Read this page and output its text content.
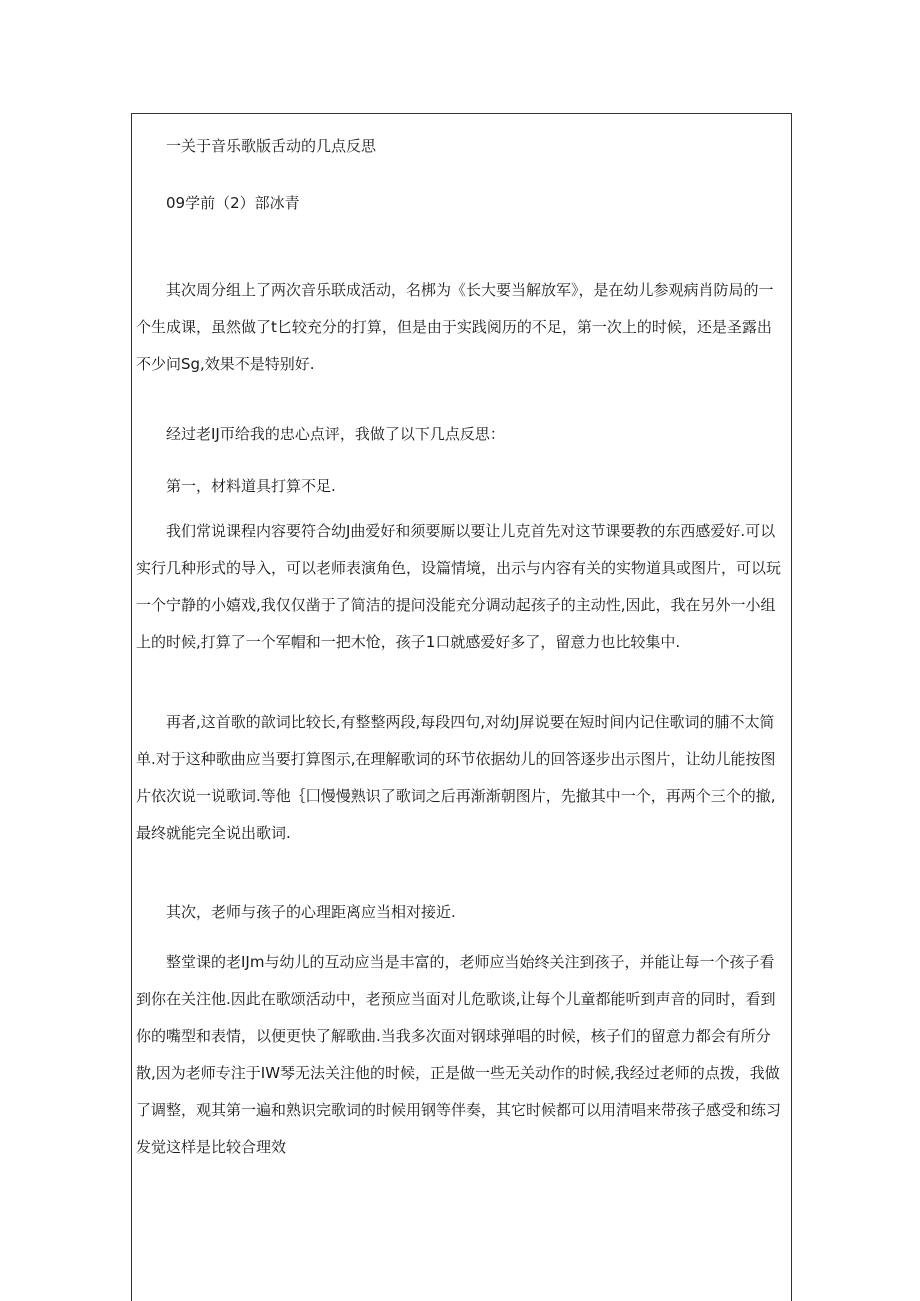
一关于音乐歌版舌动的几点反思
09学前（2）部冰青
其次周分组上了两次音乐联成活动，名梆为《长大要当解放军》，是在幼儿参观病肖防局的一个生成课，虽然做了t匕较充分的打算，但是由于实践阅历的不足，第一次上的时候，还是圣露出不少问Sg,效果不是特别好.
经过老IJ帀给我的忠心点评，我做了以下几点反思：
第一，材料道具打算不足.
我们常说课程内容要符合幼J曲爱好和须要厮以要让儿克首先对这节课要教的东西感爱好.可以实行几种形式的导入，可以老师表演角色，设篇情境，出示与内容有关的实物道具或图片，可以玩一个宁静的小嬉戏,我仅仅凿于了简洁的提问没能充分调动起孩子的主动性,因此，我在另外一小组上的时候,打算了一个军帽和一把木怆，孩子1口就感爱好多了，留意力也比较集中.
再者,这首歌的歆词比较长,有整整两段,每段四句,对幼J屏说要在短时间内记住歌词的脯不太简单.对于这种歌曲应当要打算图示,在理解歌词的环节依据幼儿的回答逐步出示图片，让幼儿能按图片依次说一说歌词.等他｛囗慢慢熟识了歌词之后再渐渐朝图片，先撤其中一个，再两个三个的撤,最终就能完全说出歌词.
其次，老师与孩子的心理距离应当相对接近.
整堂课的老IJm与幼儿的互动应当是丰富的，老师应当始终关注到孩子，并能让每一个孩子看到你在关注他.因此在歌颂活动中，老预应当面对儿危歌谈,让每个儿童都能听到声音的同时，看到你的嘴型和表情，以便更快了解歌曲.当我多次面对钢球弹唱的时候，核子们的留意力都会有所分散,因为老师专注于IW琴无法关注他的时候，正是做一些无关动作的时候,我经过老师的点拨，我做了调整，观其第一遍和熟识完歌词的时候用钢等伴奏，其它时候都可以用清唱来带孩子感受和练习发觉这样是比较合理效
